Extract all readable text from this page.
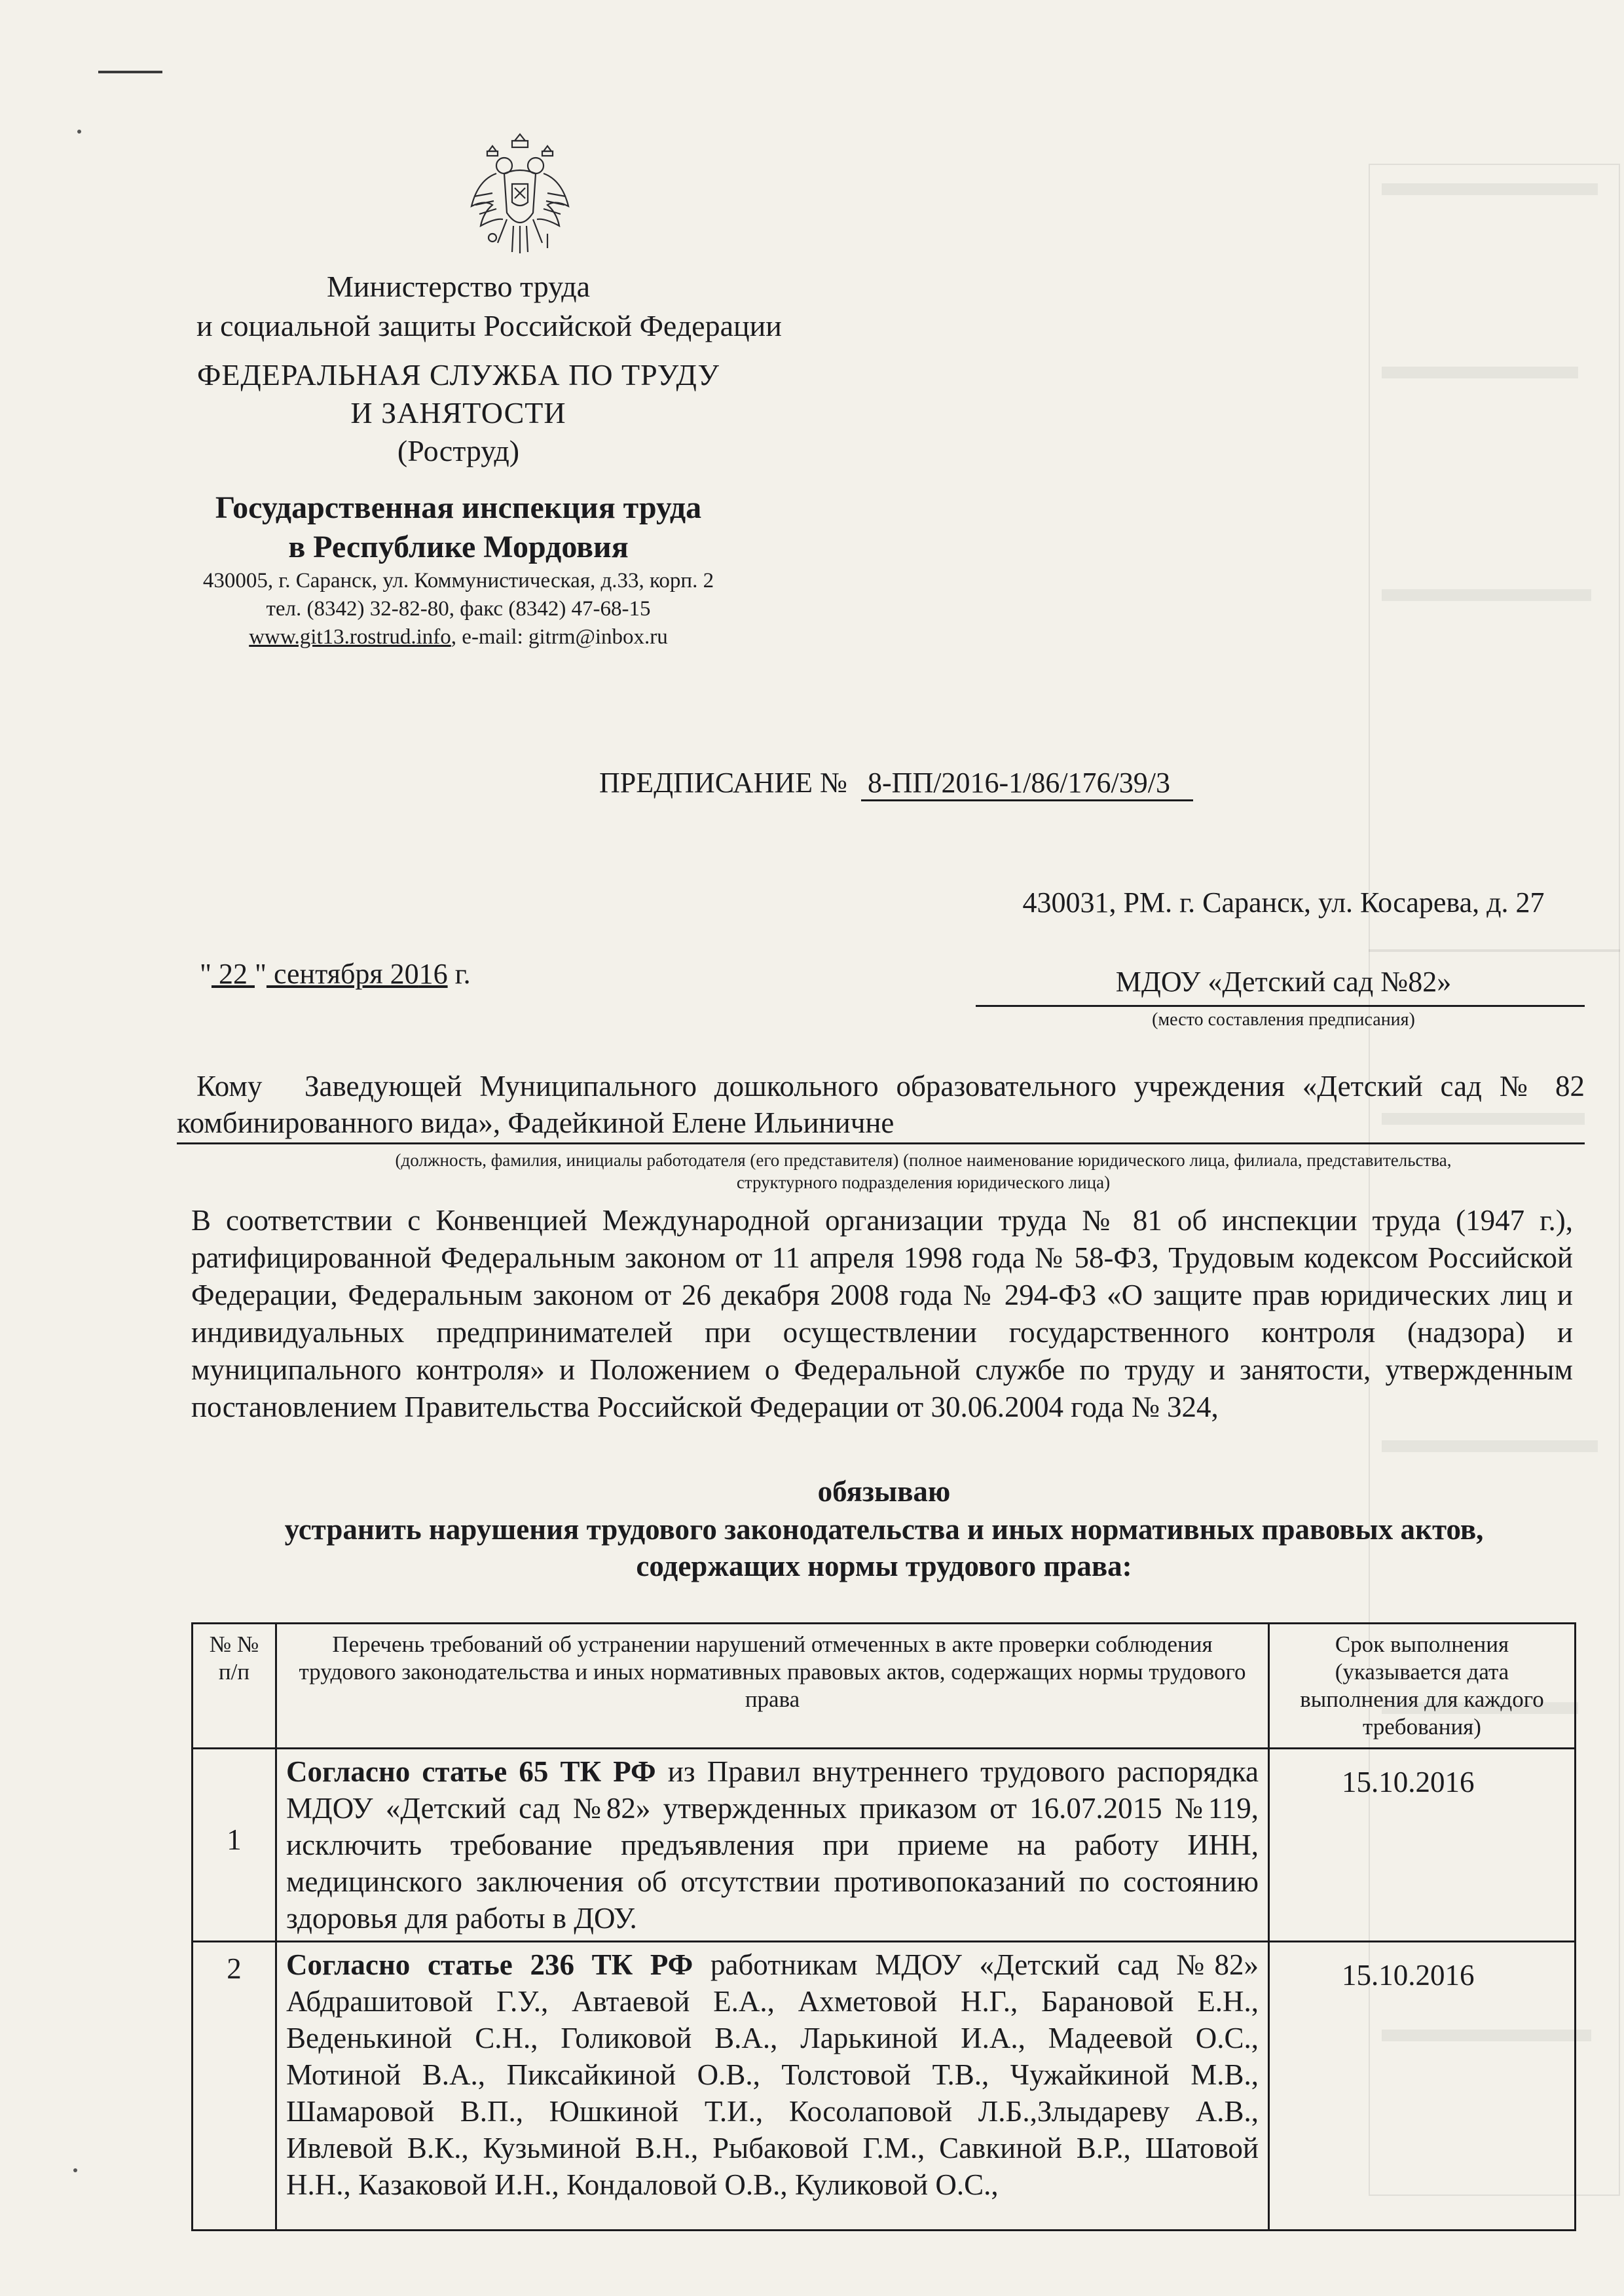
Министерство труда
и социальной защиты Российской Федерации
ФЕДЕРАЛЬНАЯ СЛУЖБА ПО ТРУДУ
И ЗАНЯТОСТИ
(Роструд)
Государственная инспекция труда
в Республике Мордовия
430005, г. Саранск, ул. Коммунистическая, д.33, корп. 2
тел. (8342) 32-82-80, факс (8342) 47-68-15
www.git13.rostrud.info, e-mail: gitrm@inbox.ru
ПРЕДПИСАНИЕ № 8-ПП/2016-1/86/176/39/3
430031, РМ. г. Саранск, ул. Косарева, д. 27
МДОУ «Детский сад №82»
(место составления предписания)
" 22 " сентября 2016 г.
Кому Заведующей Муниципального дошкольного образовательного учреждения «Детский сад № 82 комбинированного вида», Фадейкиной Елене Ильиничне
(должность, фамилия, инициалы работодателя (его представителя) (полное наименование юридического лица, филиала, представительства,
структурного подразделения юридического лица)
В соответствии с Конвенцией Международной организации труда № 81 об инспекции труда (1947 г.), ратифицированной Федеральным законом от 11 апреля 1998 года № 58-ФЗ, Трудовым кодексом Российской Федерации, Федеральным законом от 26 декабря 2008 года № 294-ФЗ «О защите прав юридических лиц и индивидуальных предпринимателей при осуществлении государственного контроля (надзора) и муниципального контроля» и Положением о Федеральной службе по труду и занятости, утвержденным постановлением Правительства Российской Федерации от 30.06.2004 года № 324,
обязываю
устранить нарушения трудового законодательства и иных нормативных правовых актов,
содержащих нормы трудового права:
№ № п/п	Перечень требований об устранении нарушений отмеченных в акте проверки соблюдения трудового законодательства и иных нормативных правовых актов, содержащих нормы трудового права	Срок выполнения (указывается дата выполнения для каждого требования)
1	Согласно статье 65 ТК РФ из Правил внутреннего трудового распорядка МДОУ «Детский сад №82» утвержденных приказом от 16.07.2015 №119, исключить требование предъявления при приеме на работу ИНН, медицинского заключения об отсутствии противопоказаний по состоянию здоровья для работы в ДОУ.	15.10.2016
2	Согласно статье 236 ТК РФ работникам МДОУ «Детский сад №82» Абдрашитовой Г.У., Автаевой Е.А., Ахметовой Н.Г., Барановой Е.Н., Веденькиной С.Н., Голиковой В.А., Ларькиной И.А., Мадеевой О.С., Мотиной В.А., Пиксайкиной О.В., Толстовой Т.В., Чужайкиной М.В., Шамаровой В.П., Юшкиной Т.И., Косолаповой Л.Б.,Злыдареву А.В., Ивлевой В.К., Кузьминой В.Н., Рыбаковой Г.М., Савкиной В.Р., Шатовой Н.Н., Казаковой И.Н., Кондаловой О.В., Куликовой О.С.,	15.10.2016
